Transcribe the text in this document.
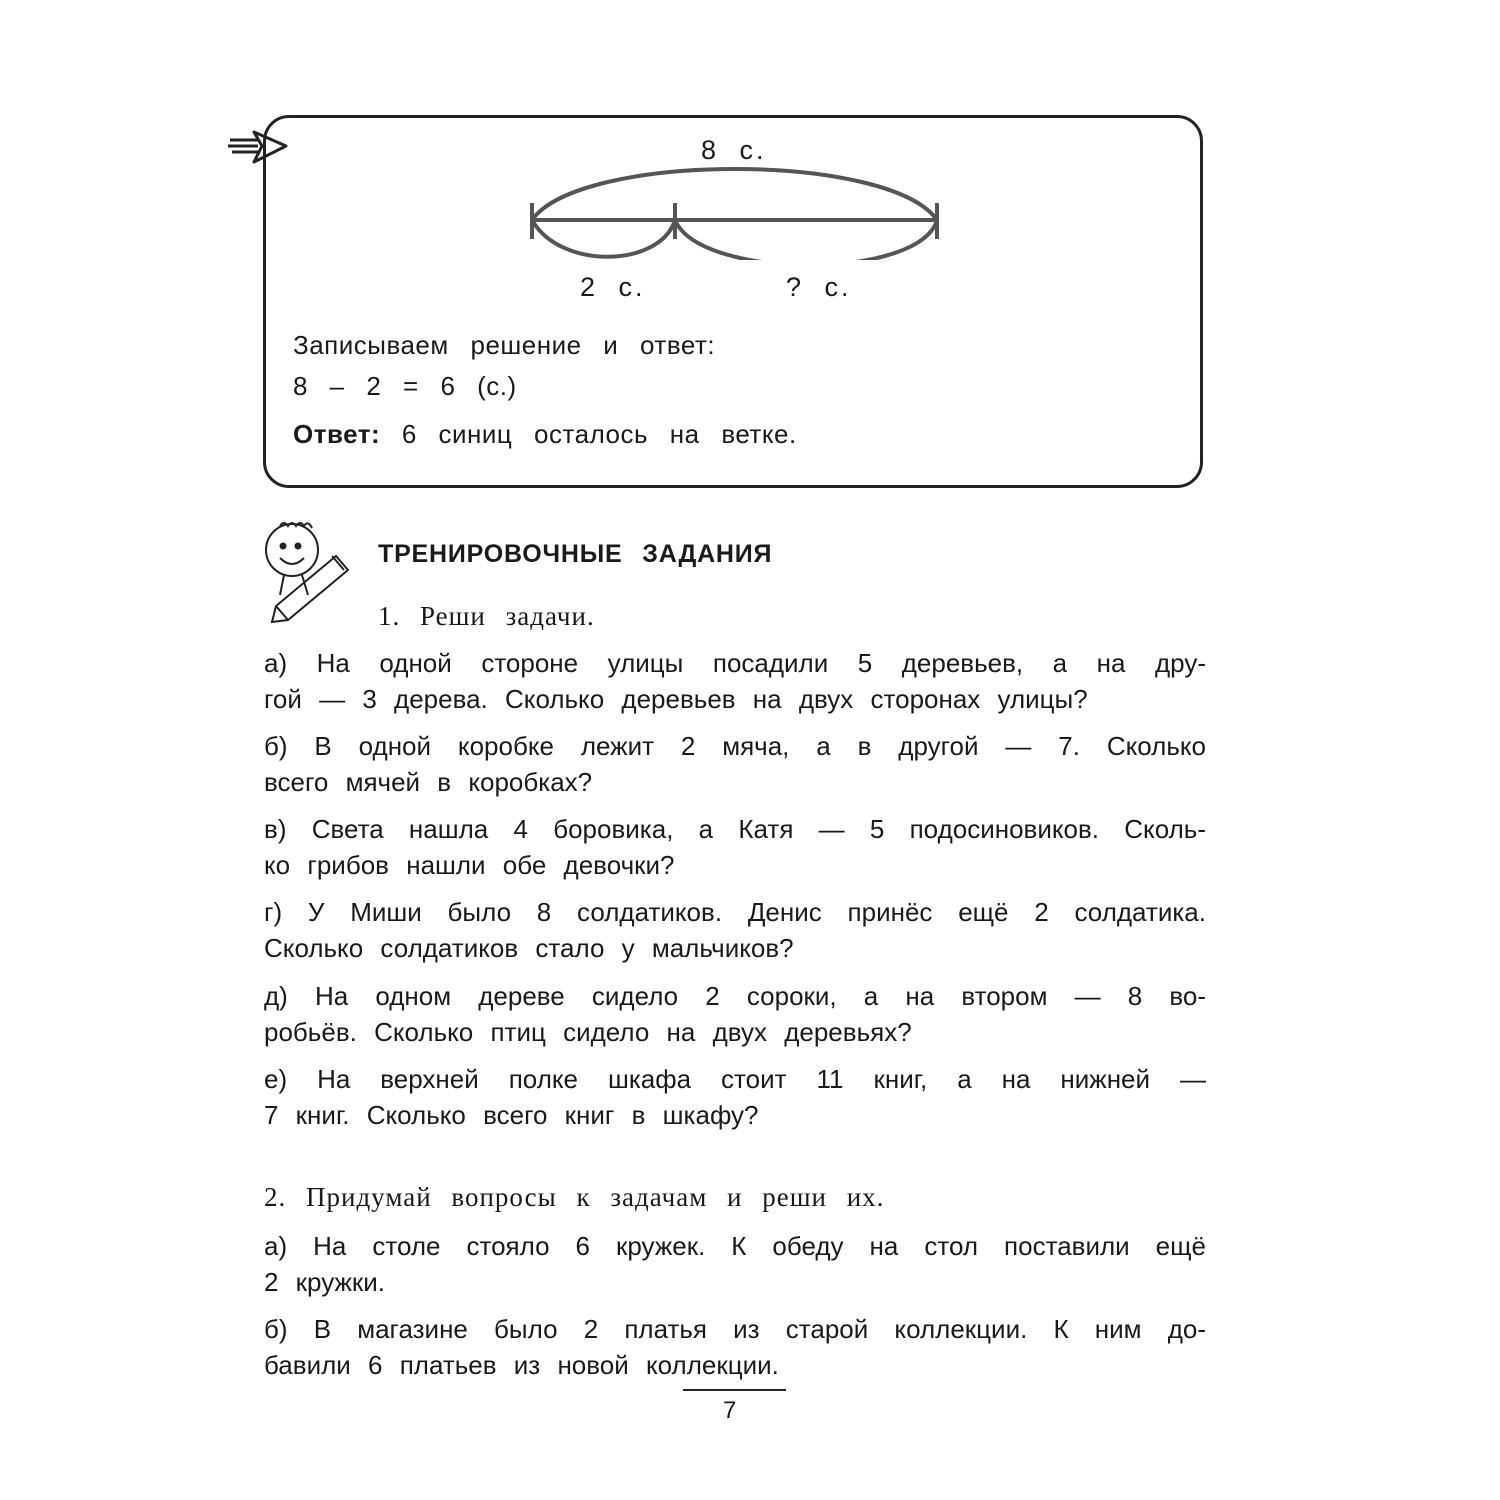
8 с.
2 с.	? с.
Записываем решение и ответ:
8 – 2 = 6 (с.)
Ответ: 6 синиц осталось на ветке.
ТРЕНИРОВОЧНЫЕ ЗАДАНИЯ
1. Реши задачи.
а) На одной стороне улицы посадили 5 деревьев, а на дру-
гой — 3 дерева. Сколько деревьев на двух сторонах улицы?
б) В одной коробке лежит 2 мяча, а в другой — 7. Сколько
всего мячей в коробках?
в) Света нашла 4 боровика, а Катя — 5 подосиновиков. Сколь-
ко грибов нашли обе девочки?
г) У Миши было 8 солдатиков. Денис принёс ещё 2 солдатика.
Сколько солдатиков стало у мальчиков?
д) На одном дереве сидело 2 сороки, а на втором — 8 во-
робьёв. Сколько птиц сидело на двух деревьях?
е) На верхней полке шкафа стоит 11 книг, а на нижней —
7 книг. Сколько всего книг в шкафу?
2. Придумай вопросы к задачам и реши их.
а) На столе стояло 6 кружек. К обеду на стол поставили ещё
2 кружки.
б) В магазине было 2 платья из старой коллекции. К ним до-
бавили 6 платьев из новой коллекции.
7
